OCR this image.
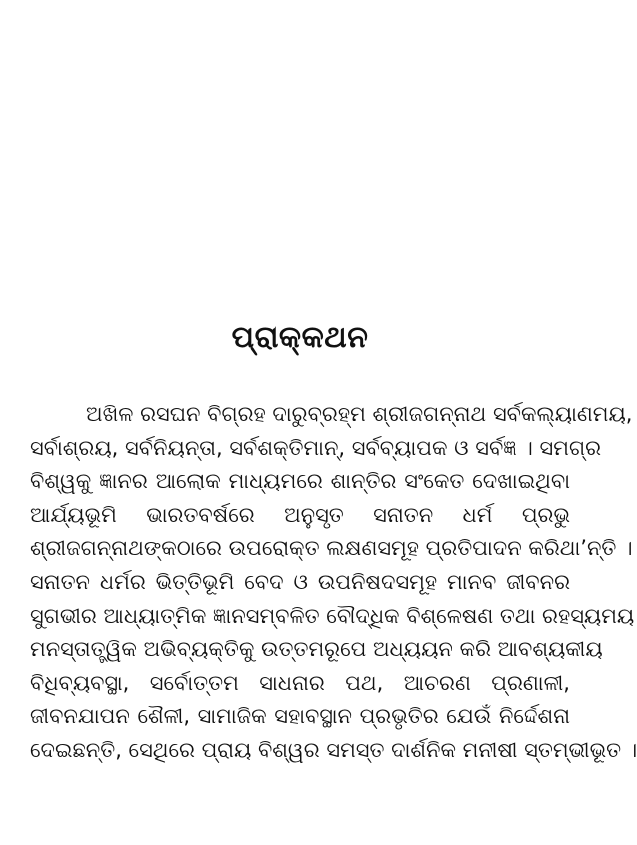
ପ୍ରାକ୍‌କଥନ
ଅଖିଳ ରସଘନ ବିଗ୍ରହ ଦାରୁବ୍ରହ୍ମ ଶ୍ରୀଜଗନ୍ନାଥ ସର୍ବକଲ୍ୟାଣମୟ,
ସର୍ବାଶ୍ରୟ, ସର୍ବନିୟନ୍ତା, ସର୍ବଶକ୍ତିମାନ୍‌, ସର୍ବବ୍ୟାପକ ଓ ସର୍ବଜ୍ଞ । ସମଗ୍ର
ବିଶ୍ୱକୁ ଜ୍ଞାନର ଆଲୋକ ମାଧ୍ୟମରେ ଶାନ୍ତିର ସଂକେତ ଦେଖାଇଥିବା
ଆର୍ଯ୍ୟଭୂମି ଭାରତବର୍ଷରେ ଅନୁସୃତ ସନାତନ ଧର୍ମ ପ୍ରଭୁ
ଶ୍ରୀଜଗନ୍ନାଥଙ୍କଠାରେ ଉପରୋକ୍ତ ଲକ୍ଷଣସମୂହ ପ୍ରତିପାଦନ କରିଥା’ନ୍ତି ।
ସନାତନ ଧର୍ମର ଭିତ୍ତିଭୂମି ବେଦ ଓ ଉପନିଷଦସମୂହ ମାନବ ଜୀବନର
ସୁଗଭୀର ଆଧ୍ୟାତ୍ମିକ ଜ୍ଞାନସମ୍ବଳିତ ବୌଦ୍ଧିକ ବିଶ୍ଳେଷଣ ତଥା ରହସ୍ୟମୟ
ମନସ୍ତାତ୍ତ୍ୱିକ ଅଭିବ୍ୟକ୍ତିକୁ ଉତ୍ତମରୂପେ ଅଧ୍ୟୟନ କରି ଆବଶ୍ୟକୀୟ
ବିଧିବ୍ୟବସ୍ଥା, ସର୍ବୋତ୍ତମ ସାଧନାର ପଥ, ଆଚରଣ ପ୍ରଣାଳୀ,
ଜୀବନଯାପନ ଶୈଳୀ, ସାମାଜିକ ସହାବସ୍ଥାନ ପ୍ରଭୃତିର ଯେଉଁ ନିର୍ଦ୍ଦେଶନା
ଦେଇଛନ୍ତି, ସେଥିରେ ପ୍ରାୟ ବିଶ୍ୱର ସମସ୍ତ ଦାର୍ଶନିକ ମନୀଷୀ ସ୍ତମ୍ଭୀଭୂତ ।
